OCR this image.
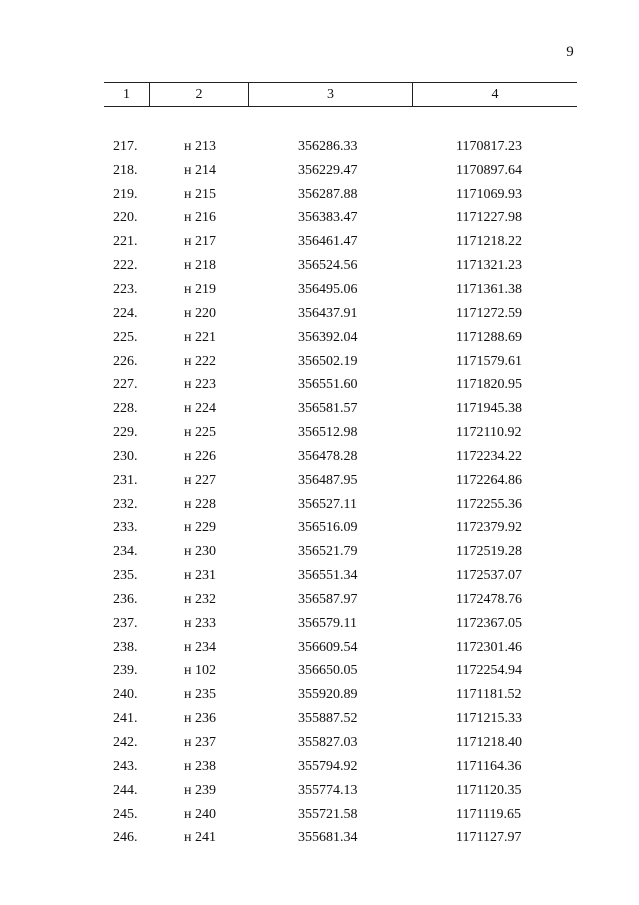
9
1	2	3	4
217.	н 213	356286.33	1170817.23
218.	н 214	356229.47	1170897.64
219.	н 215	356287.88	1171069.93
220.	н 216	356383.47	1171227.98
221.	н 217	356461.47	1171218.22
222.	н 218	356524.56	1171321.23
223.	н 219	356495.06	1171361.38
224.	н 220	356437.91	1171272.59
225.	н 221	356392.04	1171288.69
226.	н 222	356502.19	1171579.61
227.	н 223	356551.60	1171820.95
228.	н 224	356581.57	1171945.38
229.	н 225	356512.98	1172110.92
230.	н 226	356478.28	1172234.22
231.	н 227	356487.95	1172264.86
232.	н 228	356527.11	1172255.36
233.	н 229	356516.09	1172379.92
234.	н 230	356521.79	1172519.28
235.	н 231	356551.34	1172537.07
236.	н 232	356587.97	1172478.76
237.	н 233	356579.11	1172367.05
238.	н 234	356609.54	1172301.46
239.	н 102	356650.05	1172254.94
240.	н 235	355920.89	1171181.52
241.	н 236	355887.52	1171215.33
242.	н 237	355827.03	1171218.40
243.	н 238	355794.92	1171164.36
244.	н 239	355774.13	1171120.35
245.	н 240	355721.58	1171119.65
246.	н 241	355681.34	1171127.97
